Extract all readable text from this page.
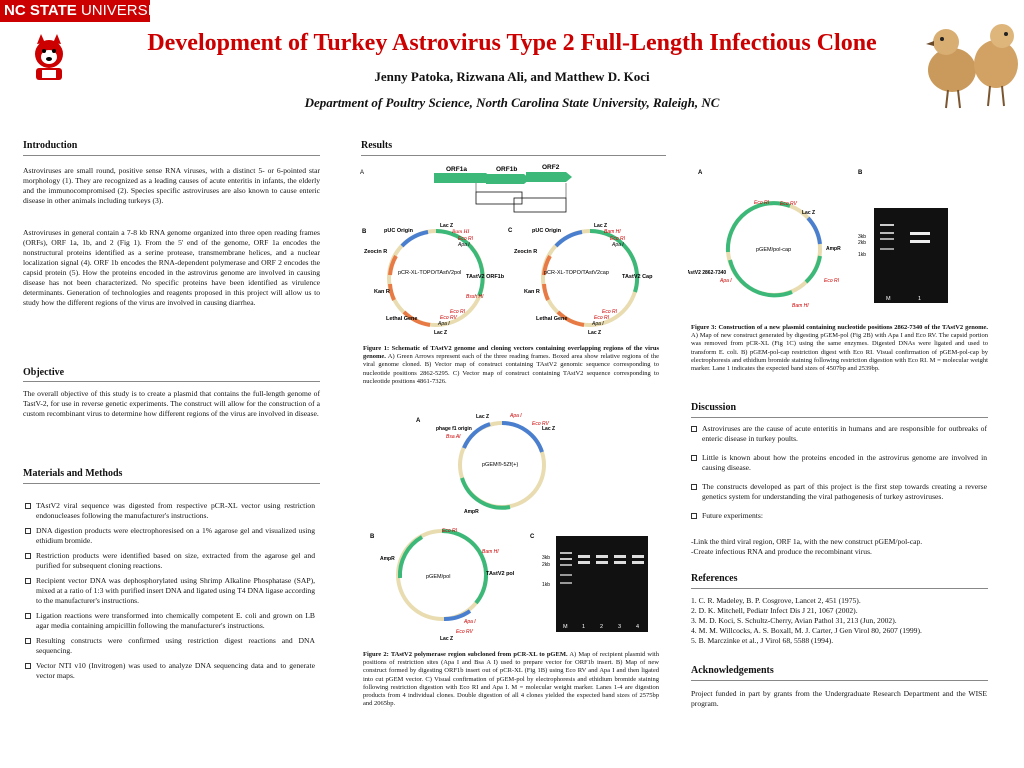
NC STATE UNIVERSITY
Development of Turkey Astrovirus Type 2 Full-Length Infectious Clone
Jenny Patoka, Rizwana Ali, and Matthew D. Koci
Department of Poultry Science, North Carolina State University, Raleigh, NC
Introduction
Astroviruses are small round, positive sense RNA viruses, with a distinct 5- or 6-pointed star morphology (1). They are recognized as a leading causes of acute enteritis in infants, the elderly and the immunocompromised (2). Species specific astroviruses are also known to cause enteric disease in other animals including turkeys (3).
Astroviruses in general contain a 7-8 kb RNA genome organized into three open reading frames (ORFs), ORF 1a, 1b, and 2 (Fig 1). From the 5' end of the genome, ORF 1a encodes the nonstructural proteins identified as a serine protease, transmembrane helices, and a nuclear localization signal (4). ORF 1b encodes the RNA-dependent polymerase and ORF 2 encodes the capsid protein (5). How the proteins encoded in the astrovirus genome are involved in causing disease has not been characterized. No specific proteins have been identified as virulence determinants. Generation of technologies and reagents proposed in this project will allow us to study how the different regions of the virus are involved in causing diarrhea.
Objective
The overall objective of this study is to create a plasmid that contains the full-length genome of TastV-2, for use in reverse genetic experiments. The construct will allow for the construction of a custom recombinant virus to determine how different regions of the virus are involved in disease.
Materials and Methods
TAstV2 viral sequence was digested from respective pCR-XL vector using restriction endonucleases following the manufacturer's instructions.
DNA digestion products were electrophoresised on a 1% agarose gel and visualized using ethidium bromide.
Restriction products were identified based on size, extracted from the agarose gel and purified for subsequent cloning reactions.
Recipient vector DNA was dephosphorylated using Shrimp Alkaline Phosphatase (SAP), mixed at a ratio of 1:3 with purified insert DNA and ligated using T4 DNA ligase according to the manufacturer's instructions.
Ligation reactions were transformed into chemically competent E. coli and grown on LB agar media containing ampicillin following the manufacturer's instructions.
Resulting constructs were confirmed using restriction digest reactions and DNA sequencing.
Vector NTI v10 (Invitrogen) was used to analyze DNA sequencing data and to generate vector maps.
Results
A	ORF1a	ORF1b	ORF2
B	C
pCR-XL-TOPO/TAstV2pol
TAstV2 ORF1b
pUC Origin
Zeocin R
Kan R
Lethal Gene
Lac Z
Lac Z
Bam HI
Eco RI
Apa I
Bssh HI
Eco RI
Eco RV
Apa I
pCR-XL-TOPO/TAstV2cap
TAstV2 Cap
pUC Origin
Zeocin R
Kan R
Lethal Gene
Lac Z
Lac Z
Bam HI
Eco RI
Apa I
Eco RI
Eco RI
Apa I
Figure 1: Schematic of TAstV2 genome and cloning vectors containing overlapping regions of the virus genome. A) Green Arrows represent each of the three reading frames. Boxed area show relative regions of the viral genome cloned. B) Vector map of construct containing TAstV2 genomic sequence corresponding to nucleotide positions 2862-5295. C) Vector map of construct containing TAstV2 sequence corresponding to nucleotide positions 4861-7326.
A
pGEM®-5Zf(+)
phage f1 origin
Bsa AI
Lac Z	Apa I
Eco RV
Lac Z
AmpR
B	C
pGEM/pol	TAstV2 pol
Eco RI
Bam HI
AmpR
Apa I
Eco RV
Lac Z
3kb
2kb
1kb
M	1	2	3	4
Figure 2: TAstV2 polymerase region subcloned from pCR-XL to pGEM. A) Map of recipient plasmid with positions of restriction sites (Apa I and Bsa A I) used to prepare vector for ORF1b insert. B) Map of new construct formed by digesting ORF1b insert out of pCR-XL (Fig 1B) using Eco RV and Apa I and then ligated into cut pGEM vector. C) Visual confirmation of pGEM-pol by electrophoresis and ethidium bromide staining following restriction digestion with Eco RI and Apa I. M = molecular weight marker. Lanes 1-4 are digestion products from 4 individual clones. Double digestion of all 4 clones yielded the expected band sizes of 2575bp and 2065bp.
A	B
pGEM/pol-cap
TAstV2 2862-7340
Apa I
AmpR
Lac Z
Eco RI Eco RV
Eco RI
Bam HI
3kb
2kb
1kb
M	1
Figure 3: Construction of a new plasmid containing nucleotide positions 2862-7340 of the TAstV2 genome. A) Map of new construct generated by digesting pGEM-pol (Fig 2B) with Apa I and Eco RV. The capsid portion was removed from pCR-XL (Fig 1C) using the same enzymes. Digested DNAs were ligated and used to transform E. coli. B) pGEM-pol-cap restriction digest with Eco RI. Visual confirmation of pGEM-pol-cap by electrophoresis and ethidium bromide staining following restriction digestion with Eco RI. M = molecular weight marker. Lane 1 indicates the expected band sizes of 4507bp and 2539bp.
Discussion
Astroviruses are the cause of acute enteritis in humans and are responsible for outbreaks of enteric disease in turkey poults.
Little is known about how the proteins encoded in the astrovirus genome are involved in causing disease.
The constructs developed as part of this project is the first step towards creating a reverse genetics system for understanding the viral pathogenesis of turkey astroviruses.
Future experiments:
-Link the third viral region, ORF 1a, with the new construct pGEM/pol-cap.
-Create infectious RNA and produce the recombinant virus.
References
1. C. R. Madeley, B. P. Cosgrove, Lancet 2, 451 (1975).
2. D. K. Mitchell, Pediatr Infect Dis J 21, 1067 (2002).
3. M. D. Koci, S. Schultz-Cherry, Avian Pathol 31, 213 (Jun, 2002).
4. M. M. Willcocks, A. S. Boxall, M. J. Carter, J Gen Virol 80, 2607 (1999).
5. B. Marczinke et al., J Virol 68, 5588 (1994).
Acknowledgements
Project funded in part by grants from the Undergraduate Research Department and the WISE program.
